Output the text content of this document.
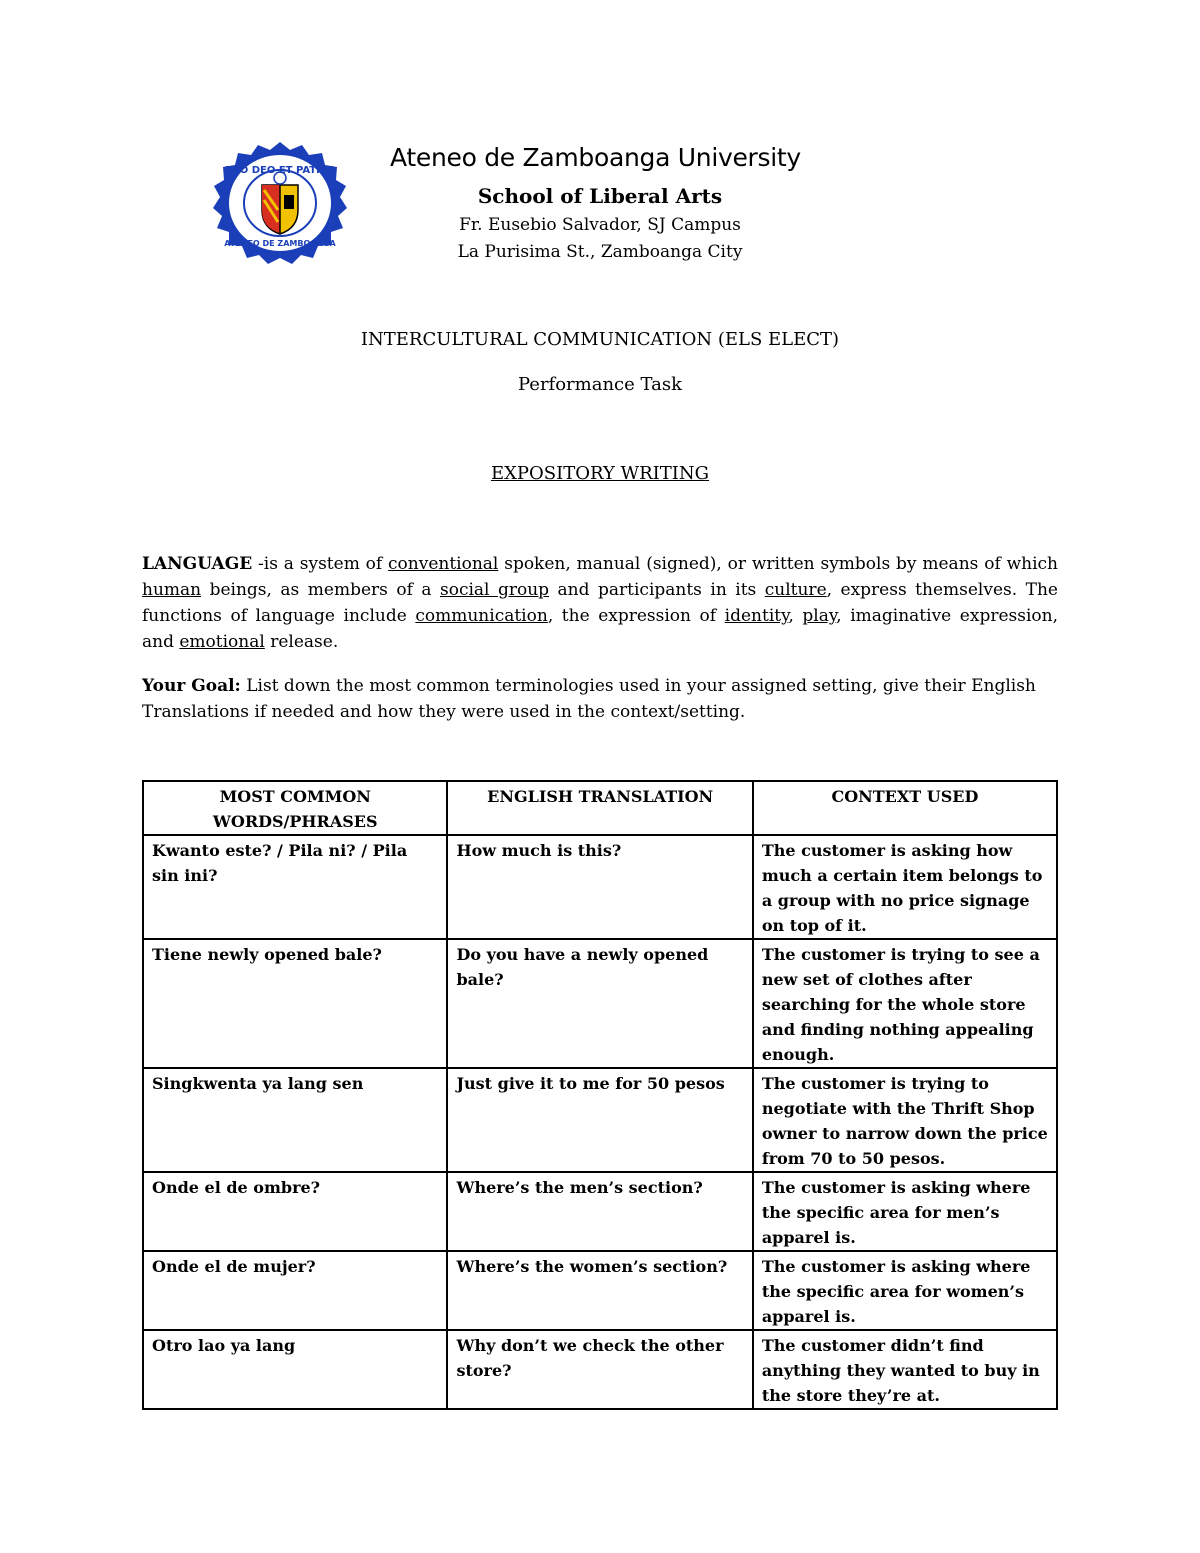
PRO DEO ET PATRIA
ATENEO DE ZAMBOANGA
Ateneo de Zamboanga University
School of Liberal Arts
Fr. Eusebio Salvador, SJ Campus
La Purisima St., Zamboanga City
INTERCULTURAL COMMUNICATION (ELS ELECT)
Performance Task
EXPOSITORY WRITING
LANGUAGE -is a system of conventional spoken, manual (signed), or written symbols by means of which human beings, as members of a social group and participants in its culture, express themselves. The functions of language include communication, the expression of identity, play, imaginative expression, and emotional release.
Your Goal: List down the most common terminologies used in your assigned setting, give their English Translations if needed and how they were used in the context/setting.
MOST COMMON WORDS/PHRASES	ENGLISH TRANSLATION	CONTEXT USED
Kwanto este? / Pila ni? / Pila sin ini?	How much is this?	The customer is asking how much a certain item belongs to a group with no price signage on top of it.
Tiene newly opened bale?	Do you have a newly opened bale?	The customer is trying to see a new set of clothes after searching for the whole store and finding nothing appealing enough.
Singkwenta ya lang sen	Just give it to me for 50 pesos	The customer is trying to negotiate with the Thrift Shop owner to narrow down the price from 70 to 50 pesos.
Onde el de ombre?	Where’s the men’s section?	The customer is asking where the specific area for men’s apparel is.
Onde el de mujer?	Where’s the women’s section?	The customer is asking where the specific area for women’s apparel is.
Otro lao ya lang	Why don’t we check the other store?	The customer didn’t find anything they wanted to buy in the store they’re at.
